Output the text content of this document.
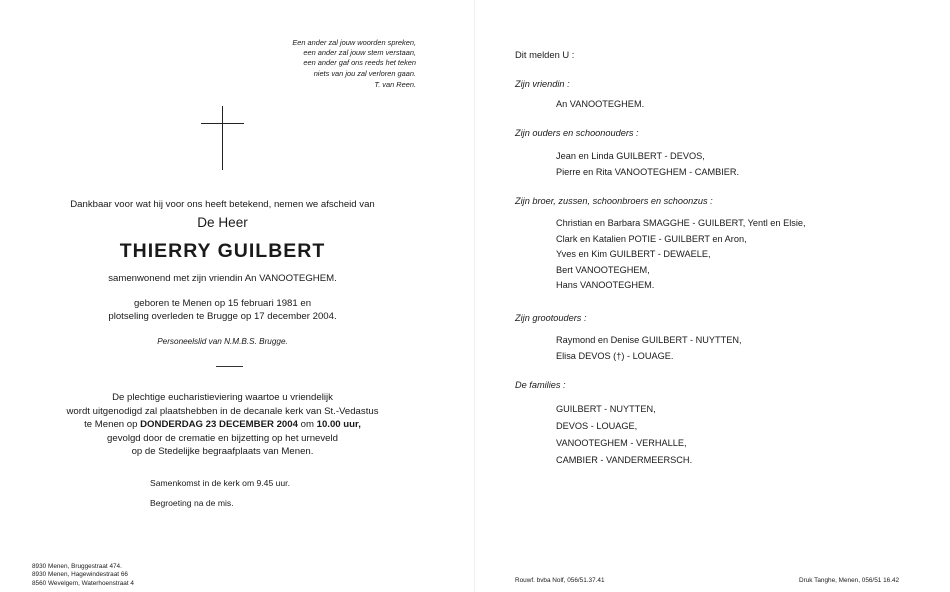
Een ander zal jouw woorden spreken,
een ander zal jouw stem verstaan,
een ander gaf ons reeds het teken
niets van jou zal verloren gaan.
T. van Reen.
Dankbaar voor wat hij voor ons heeft betekend, nemen we afscheid van
De Heer
THIERRY GUILBERT
samenwonend met zijn vriendin An VANOOTEGHEM.
geboren te Menen op 15 februari 1981 en
plotseling overleden te Brugge op 17 december 2004.
Personeelslid van N.M.B.S. Brugge.
De plechtige eucharistieviering waartoe u vriendelijk
wordt uitgenodigd zal plaatshebben in de decanale kerk van St.-Vedastus
te Menen op DONDERDAG 23 DECEMBER 2004 om 10.00 uur,
gevolgd door de crematie en bijzetting op het urneveld
op de Stedelijke begraafplaats van Menen.
Samenkomst in de kerk om 9.45 uur.
Begroeting na de mis.
8930 Menen, Bruggestraat 474.
8930 Menen, Hagewindestraat 66
8560 Wevelgem, Waterhoenstraat 4
Dit melden U :
Zijn vriendin :
An VANOOTEGHEM.
Zijn ouders en schoonouders :
Jean en Linda GUILBERT - DEVOS,
Pierre en Rita VANOOTEGHEM - CAMBIER.
Zijn broer, zussen, schoonbroers en schoonzus :
Christian en Barbara SMAGGHE - GUILBERT, Yentl en Elsie,
Clark en Katalien POTIE - GUILBERT en Aron,
Yves en Kim GUILBERT - DEWAELE,
Bert VANOOTEGHEM,
Hans VANOOTEGHEM.
Zijn grootouders :
Raymond en Denise GUILBERT - NUYTTEN,
Elisa DEVOS (†) - LOUAGE.
De families :
GUILBERT - NUYTTEN,
DEVOS - LOUAGE,
VANOOTEGHEM - VERHALLE,
CAMBIER - VANDERMEERSCH.
Rouwf. bvba Nolf, 056/51.37.41	Druk Tanghe, Menen, 056/51 16.42
